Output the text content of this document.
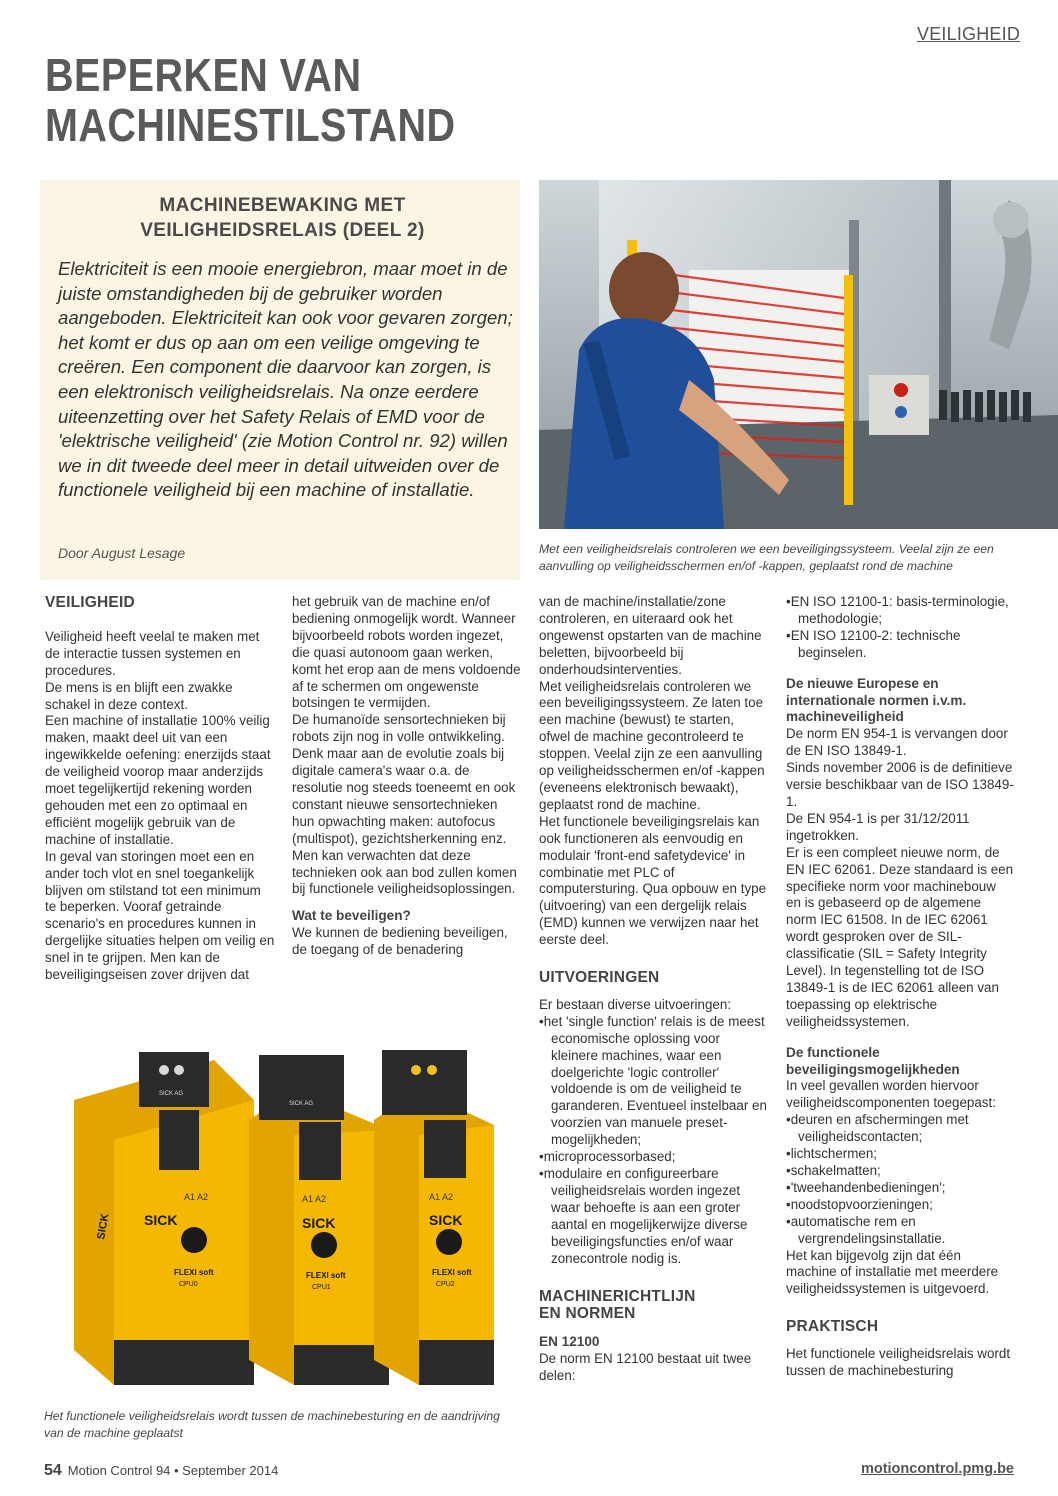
VEILIGHEID
BEPERKEN VAN
MACHINESTILSTAND
MACHINEBEWAKING MET
VEILIGHEIDSRELAIS (DEEL 2)
Elektriciteit is een mooie energiebron, maar moet in de juiste omstandigheden bij de gebruiker worden aangeboden. Elektriciteit kan ook voor gevaren zorgen; het komt er dus op aan om een veilige omgeving te creëren. Een component die daarvoor kan zorgen, is een elektronisch veiligheidsrelais. Na onze eerdere uiteenzetting over het Safety Relais of EMD voor de 'elektrische veiligheid' (zie Motion Control nr. 92) willen we in dit tweede deel meer in detail uitweiden over de functionele veiligheid bij een machine of installatie.
Door August Lesage	Met een veiligheidsrelais controleren we een beveiligingssysteem. Veelal zijn ze een aanvulling op veiligheidsschermen en/of -kappen, geplaatst rond de machine
VEILIGHEID

Veiligheid heeft veelal te maken met de interactie tussen systemen en procedures.

De mens is en blijft een zwakke schakel in deze context.

Een machine of installatie 100% veilig maken, maakt deel uit van een ingewikkelde oefening: enerzijds staat de veiligheid voorop maar anderzijds moet tegelijkertijd rekening worden gehouden met een zo optimaal en efficiënt mogelijk gebruik van de machine of installatie.

In geval van storingen moet een en ander toch vlot en snel toegankelijk blijven om stilstand tot een minimum te beperken. Vooraf getrainde scenario's en procedures kunnen in dergelijke situaties helpen om veilig en snel in te grijpen. Men kan de beveiligingseisen zover drijven dat

het gebruik van de machine en/of bediening onmogelijk wordt. Wanneer bijvoorbeeld robots worden ingezet, die quasi autonoom gaan werken, komt het erop aan de mens voldoende af te schermen om ongewenste botsingen te vermijden.

De humanoïde sensortechnieken bij robots zijn nog in volle ontwikkeling. Denk maar aan de evolutie zoals bij digitale camera's waar o.a. de resolutie nog steeds toeneemt en ook constant nieuwe sensortechnieken hun opwachting maken: autofocus (multispot), gezichtsherkenning enz. Men kan verwachten dat deze technieken ook aan bod zullen komen bij functionele veiligheidsoplossingen.

Wat te beveiligen?

We kunnen de bediening beveiligen, de toegang of de benadering

van de machine/installatie/zone controleren, en uiteraard ook het ongewenst opstarten van de machine beletten, bijvoorbeeld bij onderhoudsinterventies.

Met veiligheidsrelais controleren we een beveiligingssysteem. Ze laten toe een machine (bewust) te starten, ofwel de machine gecontroleerd te stoppen. Veelal zijn ze een aanvulling op veiligheidsschermen en/of -kappen (eveneens elektronisch bewaakt), geplaatst rond de machine.

Het functionele beveiligingsrelais kan ook functioneren als eenvoudig en modulair 'front-end safetydevice' in combinatie met PLC of computersturing. Qua opbouw en type (uitvoering) van een dergelijk relais (EMD) kunnen we verwijzen naar het eerste deel.

UITVOERINGEN

Er bestaan diverse uitvoeringen:

•het 'single function' relais is de meest economische oplossing voor kleinere machines, waar een doelgerichte 'logic controller' voldoende is om de veiligheid te garanderen. Eventueel instelbaar en voorzien van manuele preset-mogelijkheden;

•microprocessorbased;

•modulaire en configureerbare veiligheidsrelais worden ingezet waar behoefte is aan een groter aantal en mogelijkerwijze diverse beveiligingsfuncties en/of waar zonecontrole nodig is.

MACHINERICHTLIJN
EN NORMEN
EN 12100

De norm EN 12100 bestaat uit twee delen:

•EN ISO 12100-1: basis-terminologie, methodologie;

•EN ISO 12100-2: technische beginselen.

De nieuwe Europese en internationale normen i.v.m. machineveiligheid

De norm EN 954-1 is vervangen door de EN ISO 13849-1.

Sinds november 2006 is de definitieve versie beschikbaar van de ISO 13849-1.

De EN 954-1 is per 31/12/2011 ingetrokken.

Er is een compleet nieuwe norm, de EN IEC 62061. Deze standaard is een specifieke norm voor machinebouw en is gebaseerd op de algemene norm IEC 61508. In de IEC 62061 wordt gesproken over de SIL-classificatie (SIL = Safety Integrity Level). In tegenstelling tot de ISO 13849-1 is de IEC 62061 alleen van toepassing op elektrische veiligheidssystemen.

De functionele beveiligingsmogelijkheden

In veel gevallen worden hiervoor veiligheidscomponenten toegepast:

•deuren en afschermingen met veiligheidscontacten;

•lichtschermen;

•schakelmatten;

•'tweehandenbedieningen';

•noodstopvoorzieningen;

•automatische rem en vergrendelingsinstallatie.

Het kan bijgevolg zijn dat één machine of installatie met meerdere veiligheidssystemen is uitgevoerd.

PRAKTISCH

Het functionele veiligheidsrelais wordt tussen de machinebesturing

SICK AG
A1 A2
SICK
FLEXI soft
CPU0
SICK AG
A1 A2
SICK
FLEXI soft
CPU1
A1 A2
SICK
FLEXI soft
CPU2
SICK
Het functionele veiligheidsrelais wordt tussen de machinebesturing en de aandrijving van de machine geplaatst
54 Motion Control 94 • September 2014	motioncontrol.pmg.be
